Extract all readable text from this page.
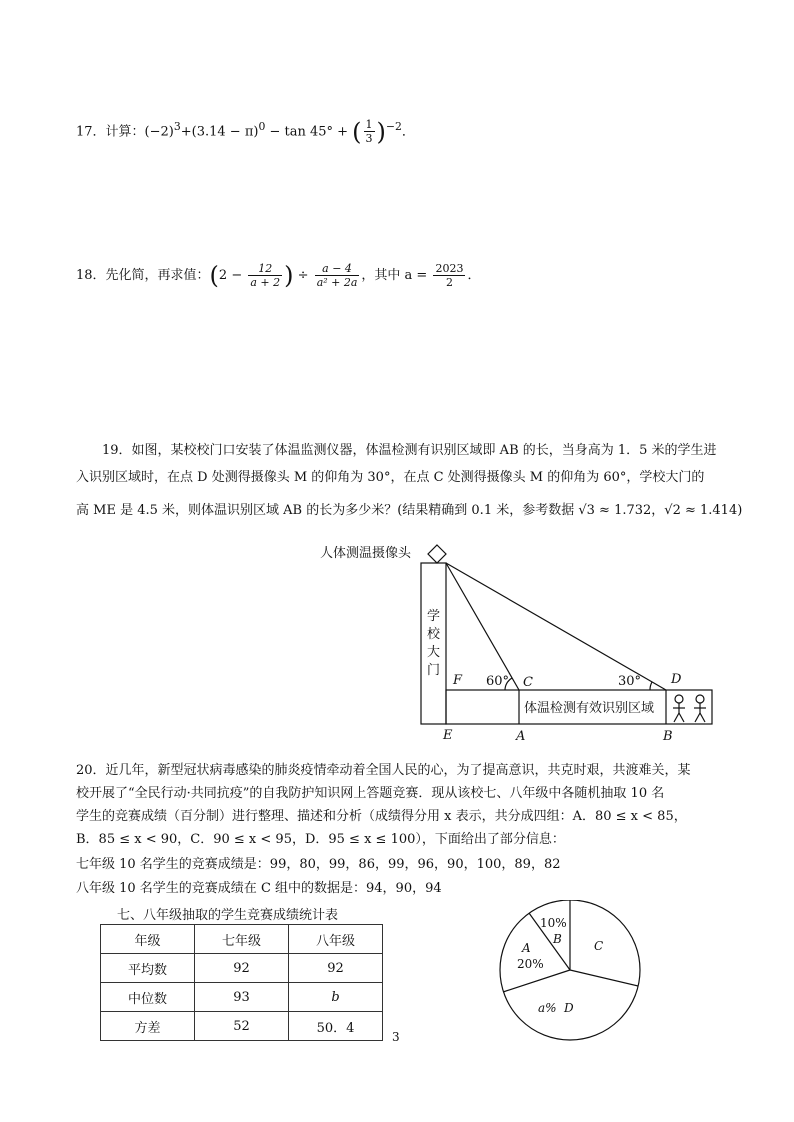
17．计算：$(-2)^3+(3.14 - \pi)^0 - \tan 45^\circ$ + ( $\frac{1}{3} )^{-2}$．
18．先化简，再求值：($2 - \frac{12}{a + 2}$ ) ÷ $\frac{a - 4}{\text{a² + 2a}}$ ，其中 $a = \frac{2023}{2}$ ．
19．如图，某校校门口安装了体温监测仪器，体温检测有识别区域即 AB 的长，当身高为 1．5 米的学生进
入识别区域时，在点 D 处测得摄像头 M 的仰角为 30°，在点 C 处测得摄像头 M 的仰角为 60°，学校大门的
高 ME 是 4.5 米，则体温识别区域 AB 的长为多少米？(结果精确到 0.1 米，参考数据 √3 ≈ 1.732，√2 ≈ 1.414)
人体测温摄像头
学
校
大
门
体温检测有效识别区域
60°	30°
F	C	D
E	A	B
20．近几年，新型冠状病毒感染的肺炎疫情牵动着全国人民的心，为了提高意识，共克时艰，共渡难关，某
校开展了“全民行动·共同抗疫”的自我防护知识网上答题竞赛．现从该校七、八年级中各随机抽取 10 名
学生的竞赛成绩（百分制）进行整理、描述和分析（成绩得分用 x 表示，共分成四组：A．80 ≤ x < 85，
B．85 ≤ x < 90，C．90 ≤ x < 95，D．95 ≤ x ≤ 100），下面给出了部分信息：
七年级 10 名学生的竞赛成绩是：99，80，99，86，99，96，90，100，89，82
八年级 10 名学生的竞赛成绩在 C 组中的数据是：94，90，94
七、八年级抽取的学生竞赛成绩统计表
年级	七年级	八年级
平均数	92	92
中位数	93	b
方差	52	50．4
10%
B
A
20%
C
a% D
3
